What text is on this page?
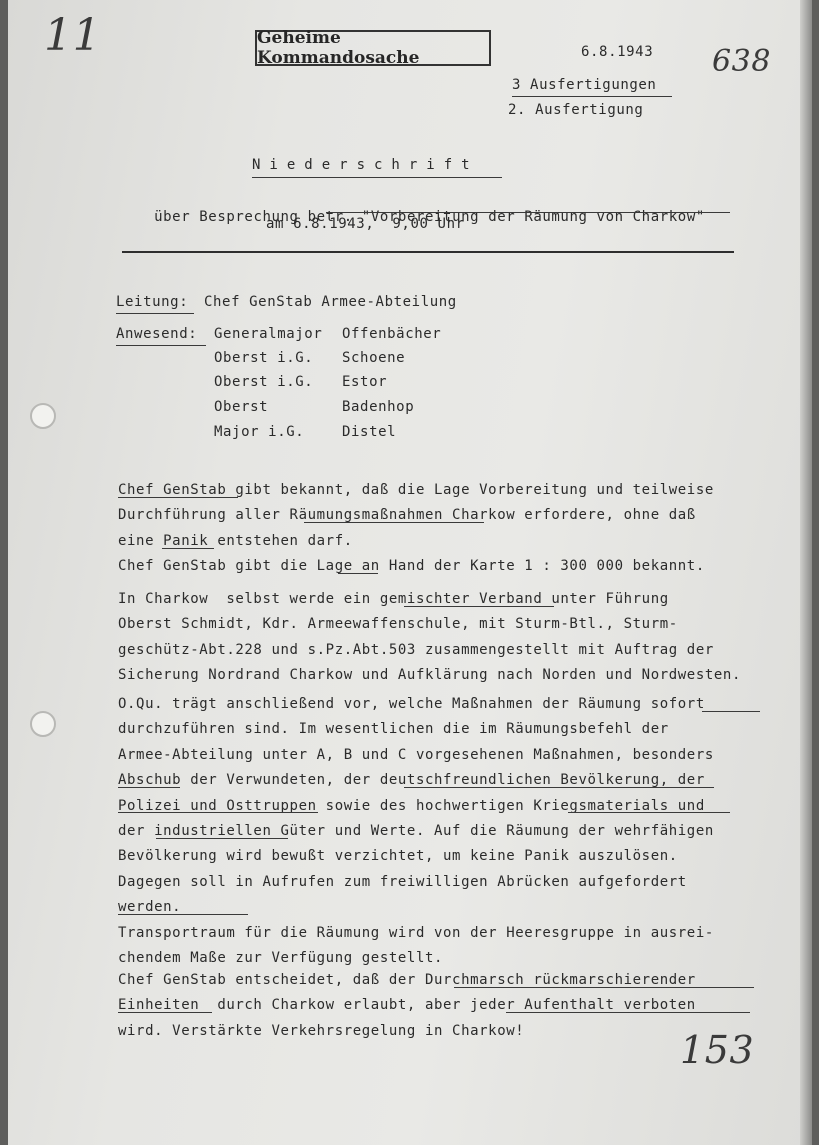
11
638
153
Geheime Kommandosache	6.8.1943
3 Ausfertigungen
2. Ausfertigung
Niederschrift

über Besprechung betr. "Vorbereitung der Räumung von Charkow"

am 6.8.1943,  9,00 Uhr
Leitung: Chef GenStab Armee-Abteilung
Anwesend: Generalmajor Offenbächer
Oberst i.G. Schoene
Oberst i.G. Estor
Oberst	Badenhop
Major i.G.	Distel

Chef GenStab gibt bekannt, daß die Lage Vorbereitung und teilweise
Durchführung aller Räumungsmaßnahmen Charkow erfordere, ohne daß
eine Panik entstehen darf.
Chef GenStab gibt die Lage an Hand der Karte 1 : 300 000 bekannt.

In Charkow  selbst werde ein gemischter Verband unter Führung
Oberst Schmidt, Kdr. Armeewaffenschule, mit Sturm-Btl., Sturm-
geschütz-Abt.228 und s.Pz.Abt.503 zusammengestellt mit Auftrag der
Sicherung Nordrand Charkow und Aufklärung nach Norden und Nordwesten.

O.Qu. trägt anschließend vor, welche Maßnahmen der Räumung sofort
durchzuführen sind. Im wesentlichen die im Räumungsbefehl der
Armee-Abteilung unter A, B und C vorgesehenen Maßnahmen, besonders
Abschub der Verwundeten, der deutschfreundlichen Bevölkerung, der
Polizei und Osttruppen sowie des hochwertigen Kriegsmaterials und
der industriellen Güter und Werte. Auf die Räumung der wehrfähigen
Bevölkerung wird bewußt verzichtet, um keine Panik auszulösen.
Dagegen soll in Aufrufen zum freiwilligen Abrücken aufgefordert
werden.
Transportraum für die Räumung wird von der Heeresgruppe in ausrei-
chendem Maße zur Verfügung gestellt.

Chef GenStab entscheidet, daß der Durchmarsch rückmarschierender
Einheiten  durch Charkow erlaubt, aber jeder Aufenthalt verboten
wird. Verstärkte Verkehrsregelung in Charkow!
